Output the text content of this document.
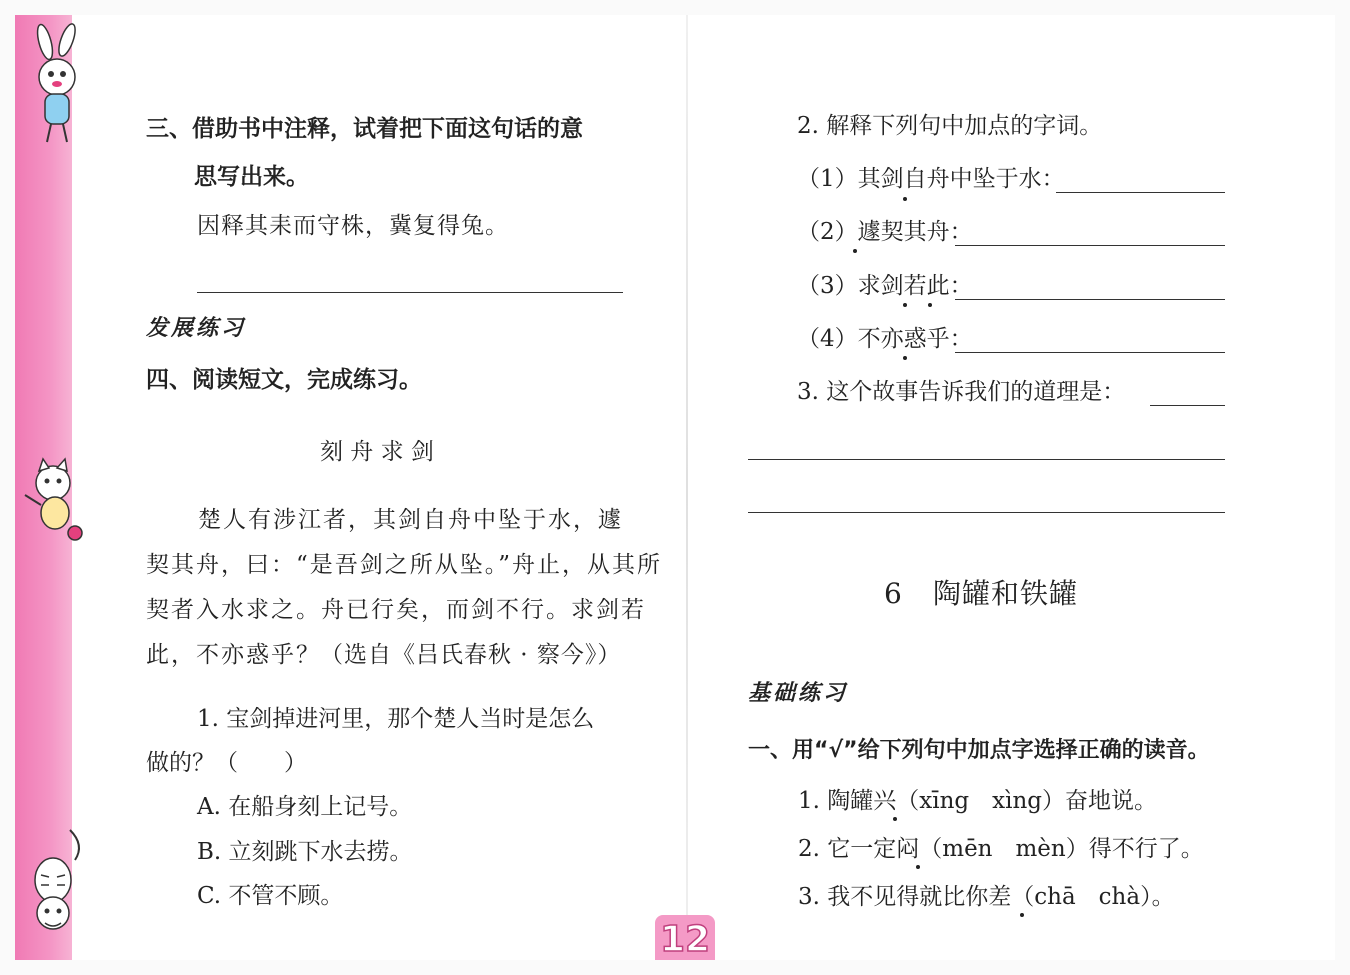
三、借助书中注释，试着把下面这句话的意
思写出来。
因释其耒而守株，冀复得兔。
发展练习
四、阅读短文，完成练习。
刻 舟 求 剑
楚人有涉江者，其剑自舟中坠于水，遽
契其舟，曰：“是吾剑之所从坠。”舟止，从其所
契者入水求之。舟已行矣，而剑不行。求剑若
此，不亦惑乎？ （选自《吕氏春秋 · 察今》）
1. 宝剑掉进河里，那个楚人当时是怎么
做的？（　　）
A. 在船身刻上记号。
B. 立刻跳下水去捞。
C. 不管不顾。
2. 解释下列句中加点的字词。
（1）其剑自舟中坠于水：
（2）遽契其舟：
（3）求剑若此：
（4）不亦惑乎：
3. 这个故事告诉我们的道理是：
6 陶罐和铁罐
基础练习
一、用“√”给下列句中加点字选择正确的读音。
1. 陶罐兴（xīng　xìng）奋地说。
2. 它一定闷（mēn　mèn）得不行了。
3. 我不见得就比你差（chā　chà）。
12
